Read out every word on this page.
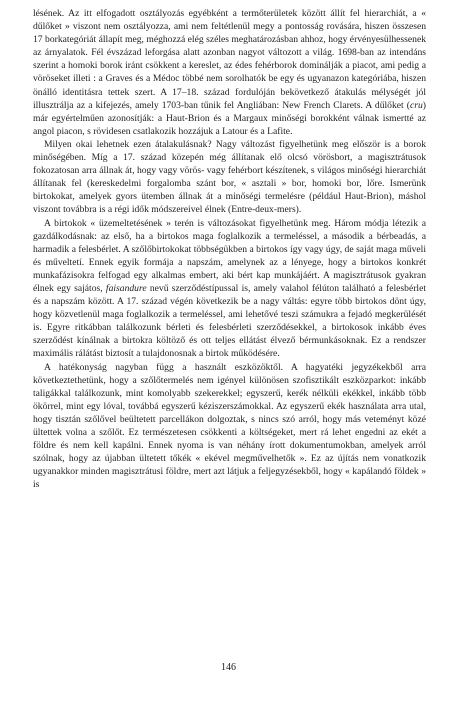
lésének. Az itt elfogadott osztályozás egyébként a termőterületek között állít fel hierarchiát, a « dűlőket » viszont nem osztályozza, ami nem feltétlenül megy a pontosság rovására, hiszen összesen 17 borkategóriát állapít meg, méghozzá elég széles meghatározásban ahhoz, hogy érvényesülhessenek az árnyalatok. Fél évszázad leforgása alatt azonban nagyot változott a világ. 1698-ban az intendáns szerint a homoki borok iránt csökkent a kereslet, az édes fehérborok dominálják a piacot, ami pedig a vöröseket illeti : a Graves és a Médoc többé nem sorolhatók be egy és ugyanazon kategóriába, hiszen önálló identitásra tettek szert. A 17–18. század fordulóján bekövetkező átakulás mélységét jól illusztrálja az a kifejezés, amely 1703-ban tűnik fel Angliában: New French Clarets. A dűlőket (cru) már egyértelműen azonosítják: a Haut-Brion és a Margaux minőségi borokként válnak ismertté az angol piacon, s rövidesen csatlakozik hozzájuk a Latour és a Lafite.

Milyen okai lehetnek ezen átalakulásnak? Nagy változást figyelhetünk meg először is a borok minőségében. Míg a 17. század közepén még állítanak elő olcsó vörösbort, a magisztrátusok fokozatosan arra állnak át, hogy vagy vörös- vagy fehérbort készítenek, s világos minőségi hierarchiát állítanak fel (kereskedelmi forgalomba szánt bor, « asztali » bor, homoki bor, lőre. Ismerünk birtokokat, amelyek gyors ütemben állnak át a minőségi termelésre (például Haut-Brion), máshol viszont továbbra is a régi idők módszereivel élnek (Entre-deux-mers).

A birtokok « üzemeltetésének » terén is változásokat figyelhetünk meg. Három módja létezik a gazdálkodásnak: az első, ha a birtokos maga foglalkozik a termeléssel, a második a bérbeadás, a harmadik a felesbérlet. A szőlőbirtokokat többségükben a birtokos így vagy úgy, de saját maga műveli és műveltetí. Ennek egyik formája a napszám, amelynek az a lényege, hogy a birtokos konkrét munkafázisokra felfogad egy alkalmas embert, aki bért kap munkájáért. A magisztrátusok gyakran élnek egy sajátos, faisandure nevű szerződéstípussal is, amely valahol félúton található a felesbérlet és a napszám között. A 17. század végén következik be a nagy váltás: egyre több birtokos dönt úgy, hogy közvetlenül maga foglalkozik a termeléssel, ami lehetővé teszi számukra a fejadó megkerülését is. Egyre ritkábban találkozunk bérleti és felesbérleti szerződésekkel, a birtokosok inkább éves szerződést kínálnak a birtokra költöző és ott teljes ellátást élvező bérmunkásoknak. Ez a rendszer maximális rálátást biztosít a tulajdonosnak a birtok működésére.

A hatékonyság nagyban függ a használt eszközöktől. A hagyatéki jegyzékekből arra következtethetünk, hogy a szőlőtermelés nem igényel különösen szofisztikált eszközparkot: inkább taligákkal találkozunk, mint komolyabb szekerekkel; egyszerű, kerék nélküli ekékkel, inkább több ökörrel, mint egy lóval, továbbá egyszerű kéziszerszámokkal. Az egyszerű ekék használata arra utal, hogy tisztán szőlővel beültetett parcellákon dolgoztak, s nincs szó arról, hogy más veteményt közé ültettek volna a szőlőt. Ez természetesen csökkenti a költségeket, mert rá lehet engedni az ekét a földre és nem kell kapálni. Ennek nyoma is van néhány írott dokumentumokban, amelyek arról szólnak, hogy az újabban ültetett tőkék « ekével megművelhetők ». Ez az újítás nem vonatkozik ugyanakkor minden magisztrátusi földre, mert azt látjuk a feljegyzésekből, hogy « kapálandó földek » is

146
